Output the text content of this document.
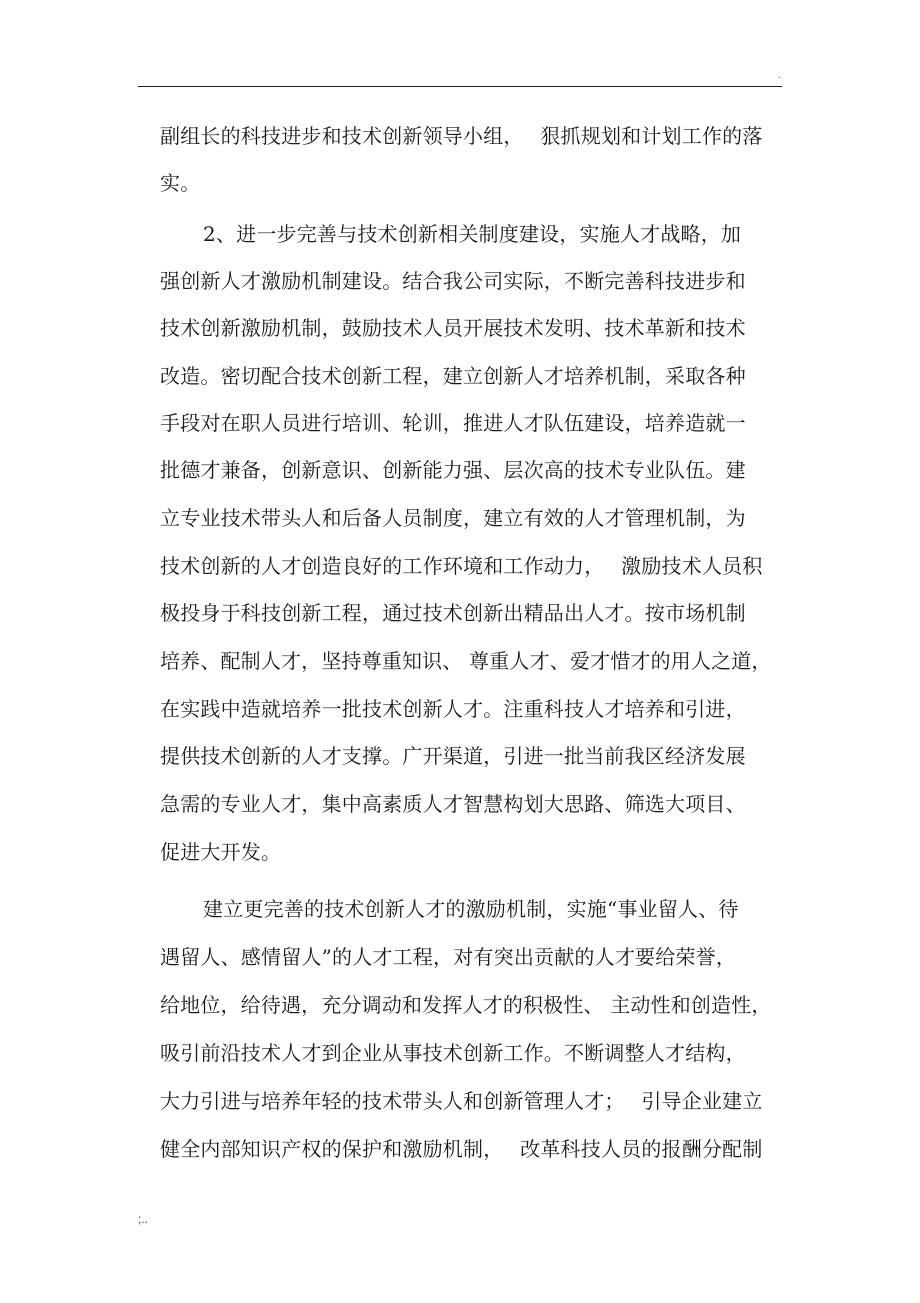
.
副组长的科技进步和技术创新领导小组，　 狠抓规划和计划工作的落
实。
2、进一步完善与技术创新相关制度建设，实施人才战略，加
强创新人才激励机制建设。结合我公司实际，不断完善科技进步和
技术创新激励机制，鼓励技术人员开展技术发明、技术革新和技术
改造。密切配合技术创新工程，建立创新人才培养机制，采取各种
手段对在职人员进行培训、轮训，推进人才队伍建设，培养造就一
批德才兼备，创新意识、创新能力强、层次高的技术专业队伍。建
立专业技术带头人和后备人员制度，建立有效的人才管理机制，为
技术创新的人才创造良好的工作环境和工作动力，　 激励技术人员积
极投身于科技创新工程，通过技术创新出精品出人才。按市场机制
培养、配制人才，坚持尊重知识、 尊重人才、爱才惜才的用人之道，
在实践中造就培养一批技术创新人才。注重科技人才培养和引进，
提供技术创新的人才支撑。广开渠道，引进一批当前我区经济发展
急需的专业人才，集中高素质人才智慧构划大思路、筛选大项目、
促进大开发。
建立更完善的技术创新人才的激励机制，实施“事业留人、待
遇留人、感情留人”的人才工程，对有突出贡献的人才要给荣誉，
给地位，给待遇，充分调动和发挥人才的积极性、 主动性和创造性，
吸引前沿技术人才到企业从事技术创新工作。不断调整人才结构，
大力引进与培养年轻的技术带头人和创新管理人才；　 引导企业建立
健全内部知识产权的保护和激励机制，　 改革科技人员的报酬分配制
;..
